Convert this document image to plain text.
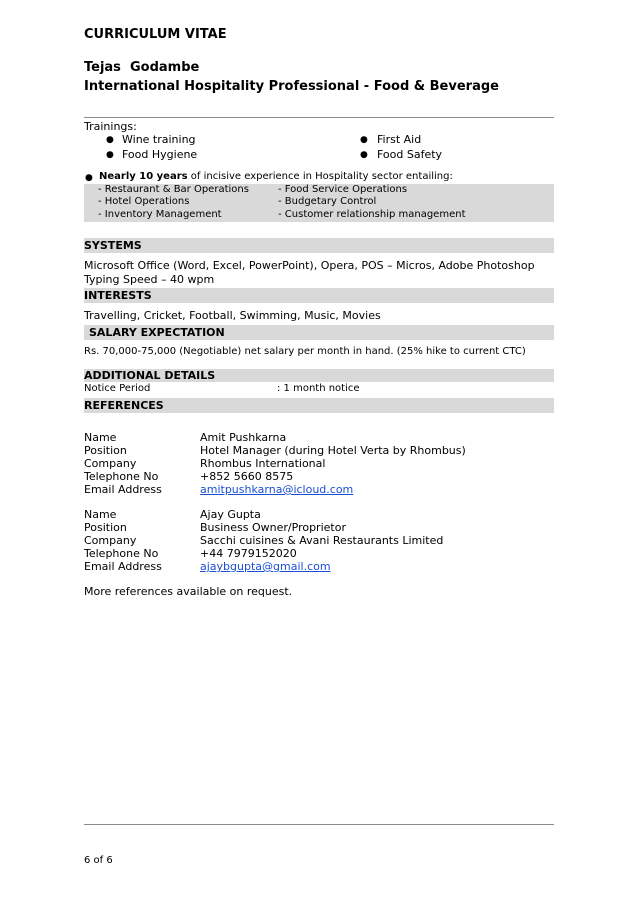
CURRICULUM VITAE
Tejas  Godambe
International Hospitality Professional - Food & Beverage
Trainings:
● Wine training
● Food Hygiene
● First Aid
● Food Safety
● Nearly 10 years of incisive experience in Hospitality sector entailing:
- Restaurant & Bar Operations
- Hotel Operations
- Inventory Management
- Food Service Operations
- Budgetary Control
- Customer relationship management
SYSTEMS
Microsoft Office (Word, Excel, PowerPoint), Opera, POS – Micros, Adobe Photoshop
Typing Speed – 40 wpm
INTERESTS
Travelling, Cricket, Football, Swimming, Music, Movies
SALARY EXPECTATION
Rs. 70,000-75,000 (Negotiable) net salary per month in hand. (25% hike to current CTC)
ADDITIONAL DETAILS
Notice Period	: 1 month notice
REFERENCES
Name
Position
Company
Telephone No
Email Address
Amit Pushkarna
Hotel Manager (during Hotel Verta by Rhombus)
Rhombus International
+852 5660 8575
amitpushkarna@icloud.com
Name
Position
Company
Telephone No
Email Address
Ajay Gupta
Business Owner/Proprietor
Sacchi cuisines & Avani Restaurants Limited
+44 7979152020
ajaybgupta@gmail.com
More references available on request.
6 of 6
